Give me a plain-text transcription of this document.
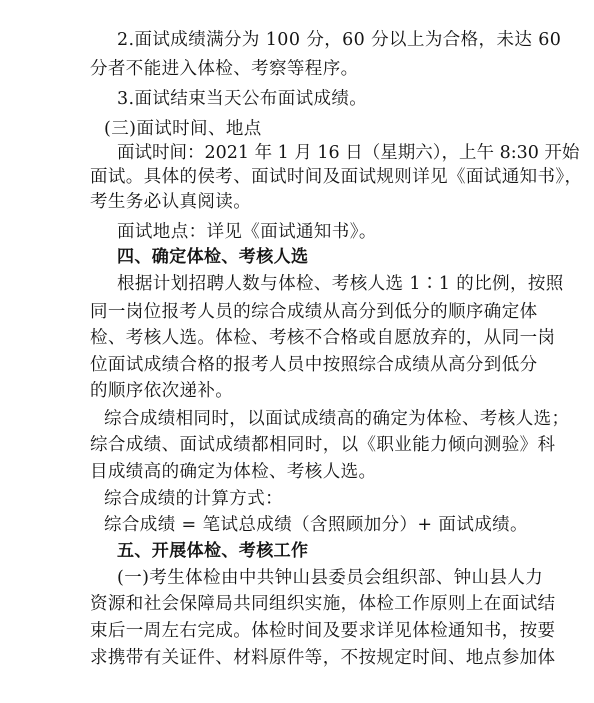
2.面试成绩满分为 100 分，60 分以上为合格，未达 60
分者不能进入体检、考察等程序。
3.面试结束当天公布面试成绩。
(三)面试时间、地点
面试时间：2021 年 1 月 16 日（星期六），上午 8:30 开始
面试。具体的侯考、面试时间及面试规则详见《面试通知书》，
考生务必认真阅读。
面试地点：详见《面试通知书》。
四、确定体检、考核人选
根据计划招聘人数与体检、考核人选 1∶1 的比例，按照
同一岗位报考人员的综合成绩从高分到低分的顺序确定体
检、考核人选。体检、考核不合格或自愿放弃的，从同一岗
位面试成绩合格的报考人员中按照综合成绩从高分到低分
的顺序依次递补。
综合成绩相同时，以面试成绩高的确定为体检、考核人选；
综合成绩、面试成绩都相同时，以《职业能力倾向测验》科
目成绩高的确定为体检、考核人选。
综合成绩的计算方式：
综合成绩 = 笔试总成绩（含照顾加分）+ 面试成绩。
五、开展体检、考核工作
(一)考生体检由中共钟山县委员会组织部、钟山县人力
资源和社会保障局共同组织实施，体检工作原则上在面试结
束后一周左右完成。体检时间及要求详见体检通知书，按要
求携带有关证件、材料原件等，不按规定时间、地点参加体
